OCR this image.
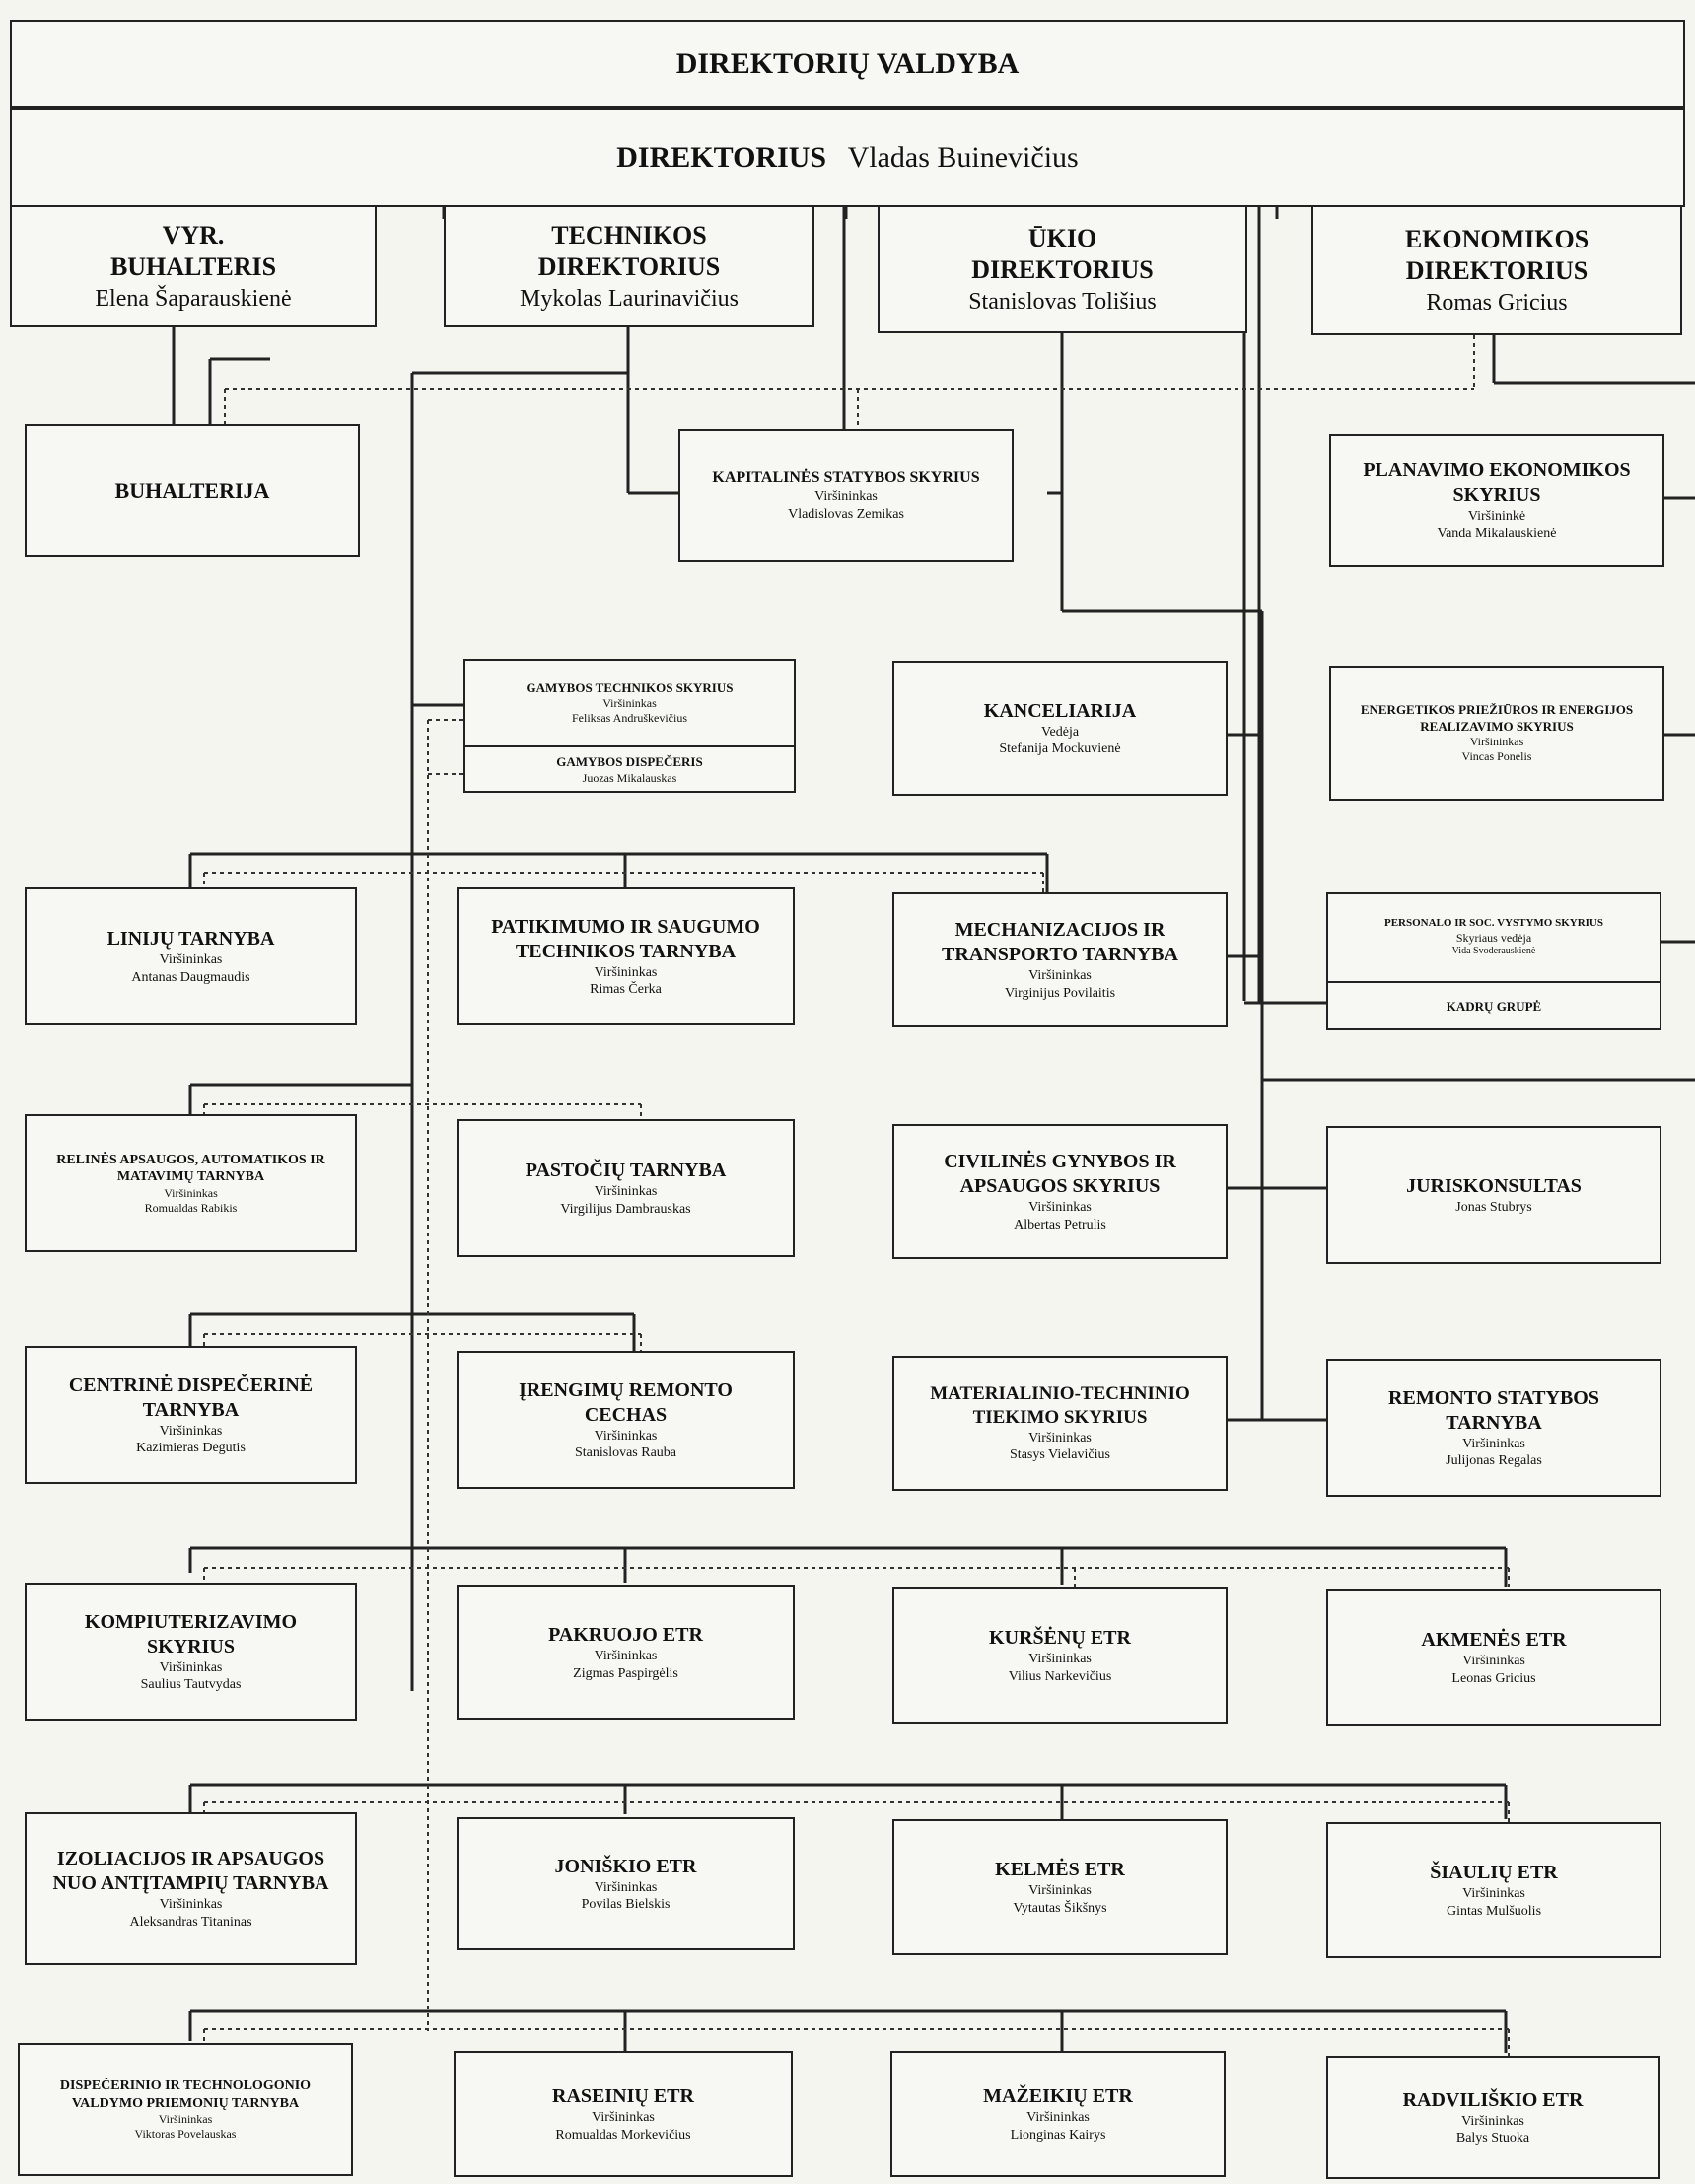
DIREKTORIŲ VALDYBA
DIREKTORIUS Vladas Buinevičius
VYR. BUHALTERIS
Elena Šaparauskienė
TECHNIKOS DIREKTORIUS
Mykolas Laurinavičius
ŪKIO DIREKTORIUS
Stanislovas Tolišius
EKONOMIKOS DIREKTORIUS
Romas Gricius
BUHALTERIJA
KAPITALINĖS STATYBOS SKYRIUS
Viršininkas
Vladislovas Zemikas
PLANAVIMO EKONOMIKOS SKYRIUS
Viršininkė
Vanda Mikalauskienė
GAMYBOS TECHNIKOS SKYRIUS
Viršininkas
Feliksas Andruškevičius
GAMYBOS DISPEČERIS
Juozas Mikalauskas
KANCELIARIJA
Vedėja
Stefanija Mockuvienė
ENERGETIKOS PRIEŽIŪROS IR ENERGIJOS REALIZAVIMO SKYRIUS
Viršininkas
Vincas Ponelis
LINIJŲ TARNYBA
Viršininkas
Antanas Daugmaudis
PATIKIMUMO IR SAUGUMO TECHNIKOS TARNYBA
Viršininkas
Rimas Čerka
MECHANIZACIJOS IR TRANSPORTO TARNYBA
Viršininkas
Virginijus Povilaitis
PERSONALO IR SOC. VYSTYMO SKYRIUS
Skyriaus vedėja
Vida Svoderauskienė
KADRŲ GRUPĖ
RELINĖS APSAUGOS, AUTOMATIKOS IR MATAVIMŲ TARNYBA
Viršininkas
Romualdas Rabikis
PASTOČIŲ TARNYBA
Viršininkas
Virgilijus Dambrauskas
CIVILINĖS GYNYBOS IR APSAUGOS SKYRIUS
Viršininkas
Albertas Petrulis
JURISKONSULTAS
Jonas Stubrys
CENTRINĖ DISPEČERINĖ TARNYBA
Viršininkas
Kazimieras Degutis
ĮRENGIMŲ REMONTO CECHAS
Viršininkas
Stanislovas Rauba
MATERIALINIO-TECHNINIO TIEKIMO SKYRIUS
Viršininkas
Stasys Vielavičius
REMONTO STATYBOS TARNYBA
Viršininkas
Julijonas Regalas
KOMPIUTERIZAVIMO SKYRIUS
Viršininkas
Saulius Tautvydas
PAKRUOJO ETR
Viršininkas
Zigmas Paspirgėlis
KURŠĖNŲ ETR
Viršininkas
Vilius Narkevičius
AKMENĖS ETR
Viršininkas
Leonas Gricius
IZOLIACIJOS IR APSAUGOS NUO ANTĮTAMPIŲ TARNYBA
Viršininkas
Aleksandras Titaninas
JONIŠKIO ETR
Viršininkas
Povilas Bielskis
KELMĖS ETR
Viršininkas
Vytautas Šikšnys
ŠIAULIŲ ETR
Viršininkas
Gintas Mulšuolis
DISPEČERINIO IR TECHNOLOGONIO VALDYMO PRIEMONIŲ TARNYBA
Viršininkas
Viktoras Povelauskas
RASEINIŲ ETR
Viršininkas
Romualdas Morkevičius
MAŽEIKIŲ ETR
Viršininkas
Lionginas Kairys
RADVILIŠKIO ETR
Viršininkas
Balys Stuoka
